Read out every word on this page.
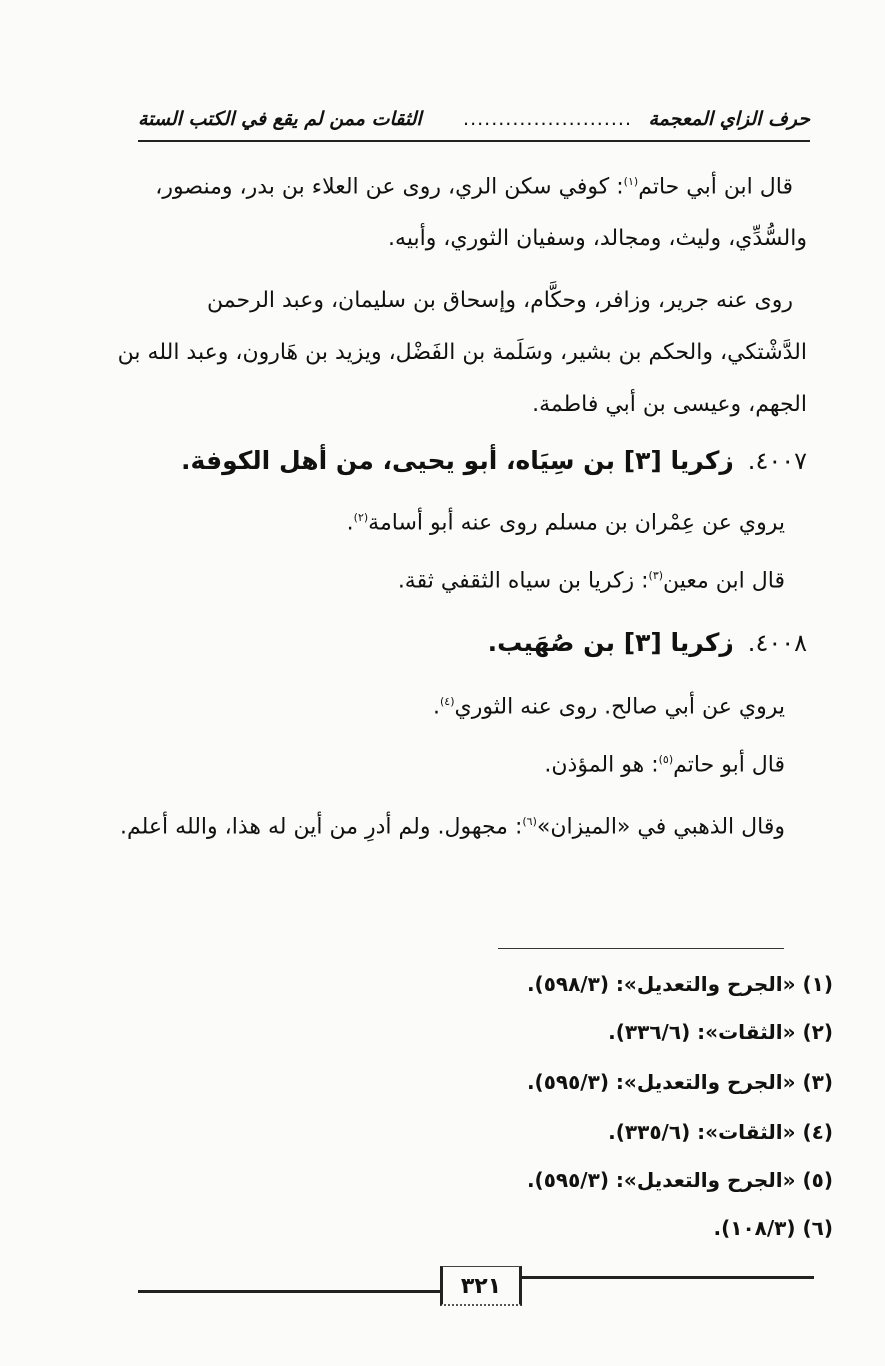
حرف الزاي المعجمة
........................
الثقات ممن لم يقع في الكتب الستة
قال ابن أبي حاتم$^{(١)}$: كوفي سكن الري، روى عن العلاء بن بدر، ومنصور،
والسُّدِّي، وليث، ومجالد، وسفيان الثوري، وأبيه.
روى عنه جرير، وزافر، وحكَّام، وإسحاق بن سليمان، وعبد الرحمن
الدَّشْتكي، والحكم بن بشير، وسَلَمة بن الفَضْل، ويزيد بن هَارون، وعبد الله بن
الجهم، وعيسى بن أبي فاطمة.
٤٠٠٧.زكريا [٣] بن سِيَاه، أبو يحيى، من أهل الكوفة.
يروي عن عِمْران بن مسلم روى عنه أبو أسامة$^{(٢)}$.
قال ابن معين$^{(٣)}$: زكريا بن سياه الثقفي ثقة.
٤٠٠٨.زكريا [٣] بن صُهَيب.
يروي عن أبي صالح. روى عنه الثوري$^{(٤)}$.
قال أبو حاتم$^{(٥)}$: هو المؤذن.
وقال الذهبي في «الميزان»$^{(٦)}$: مجهول. ولم أدرِ من أين له هذا، والله أعلم.
(١) «الجرح والتعديل»: (٥٩٨/٣).
(٢) «الثقات»: (٣٣٦/٦).
(٣) «الجرح والتعديل»: (٥٩٥/٣).
(٤) «الثقات»: (٣٣٥/٦).
(٥) «الجرح والتعديل»: (٥٩٥/٣).
(٦) (١٠٨/٣).
٣٢١
